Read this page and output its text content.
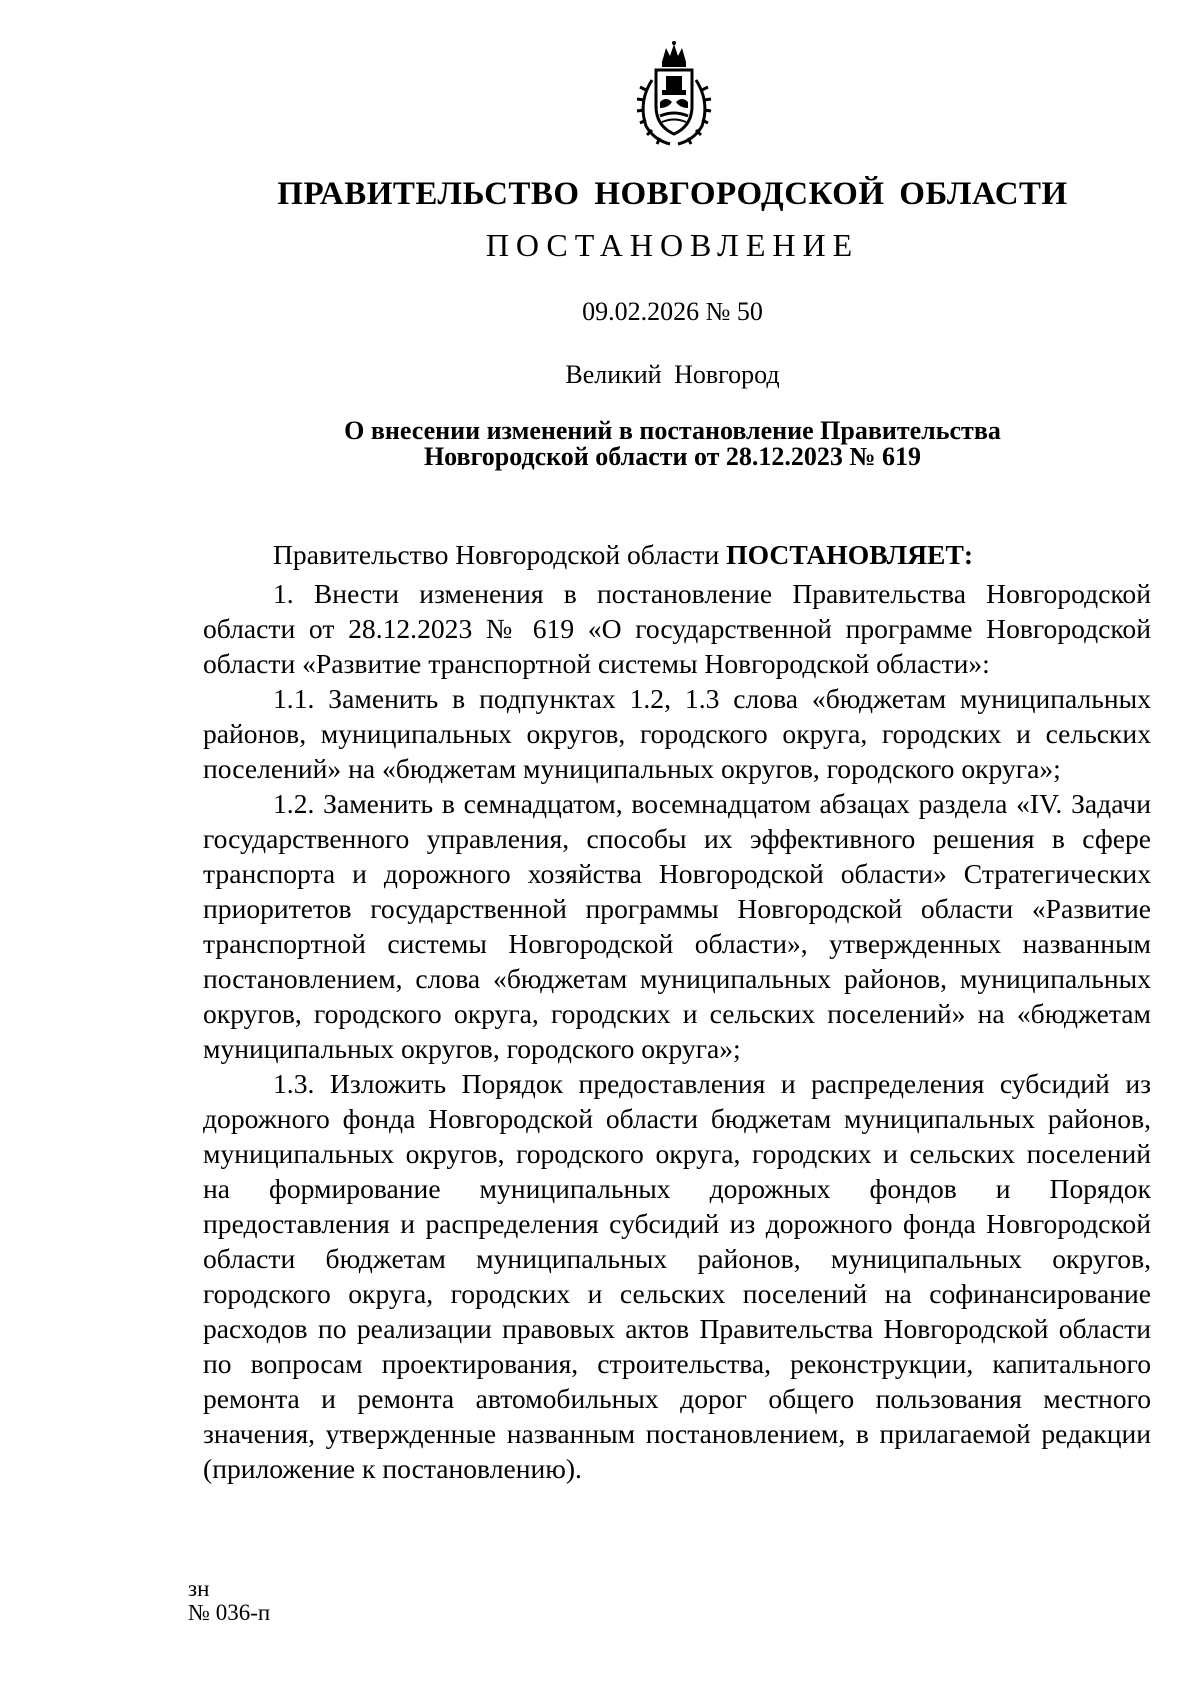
ПРАВИТЕЛЬСТВО НОВГОРОДСКОЙ ОБЛАСТИ
ПОСТАНОВЛЕНИЕ
09.02.2026 № 50
Великий Новгород
О внесении изменений в постановление Правительства
Новгородской области от 28.12.2023 № 619

Правительство Новгородской области ПОСТАНОВЛЯЕТ:

1. Внести изменения в постановление Правительства Новгородской области от 28.12.2023 № 619 «О государственной программе Новгородской области «Развитие транспортной системы Новгородской области»:

1.1. Заменить в подпунктах 1.2, 1.3 слова «бюджетам муниципальных районов, муниципальных округов, городского округа, городских и сельских поселений» на «бюджетам муниципальных округов, городского округа»;

1.2. Заменить в семнадцатом, восемнадцатом абзацах раздела «IV. Задачи государственного управления, способы их эффективного решения в сфере транспорта и дорожного хозяйства Новгородской области» Стратегических приоритетов государственной программы Новгородской области «Развитие транспортной системы Новгородской области», утвержденных названным постановлением, слова «бюджетам муниципальных районов, муниципальных округов, городского округа, городских и сельских поселений» на «бюджетам муниципальных округов, городского округа»;

1.3. Изложить Порядок предоставления и распределения субсидий из дорожного фонда Новгородской области бюджетам муниципальных районов, муниципальных округов, городского округа, городских и сельских поселений на формирование муниципальных дорожных фондов и Порядок предоставления и распределения субсидий из дорожного фонда Новгородской области бюджетам муниципальных районов, муниципальных округов, городского округа, городских и сельских поселений на софинансирование расходов по реализации правовых актов Правительства Новгородской области по вопросам проектирования, строительства, реконструкции, капитального ремонта и ремонта автомобильных дорог общего пользования местного значения, утвержденные названным постановлением, в прилагаемой редакции (приложение к постановлению).

зн
№ 036-п
